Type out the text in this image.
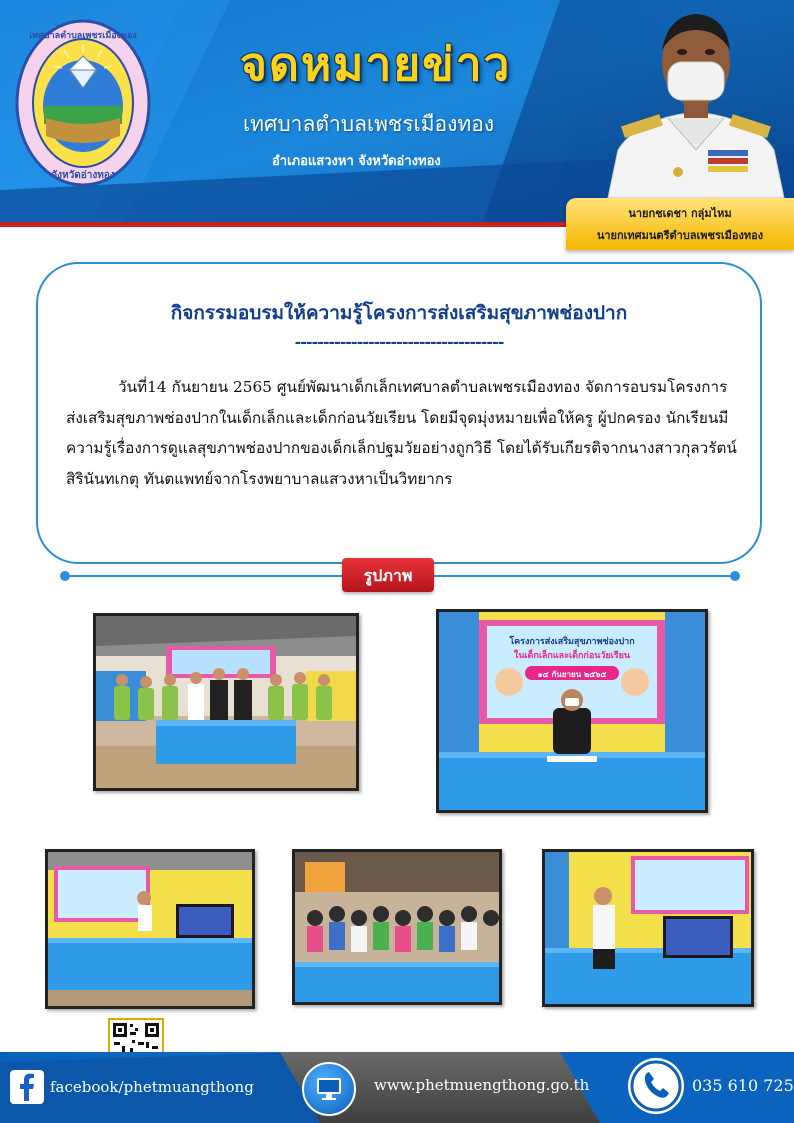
เทศบาลตำบลเพชรเมืองทอง
จังหวัดอ่างทอง
จดหมายข่าว
เทศบาลตำบลเพชรเมืองทอง
อำเภอแสวงหา จังหวัดอ่างทอง
นายกชเดชา กลุ่มไหม
นายกเทศมนตรีตำบลเพชรเมืองทอง
กิจกรรมอบรมให้ความรู้โครงการส่งเสริมสุขภาพช่องปาก
-------------------------------------

วันที่14 กันยายน 2565 ศูนย์พัฒนาเด็กเล็กเทศบาลตำบลเพชรเมืองทอง จัดการอบรมโครงการส่งเสริมสุขภาพช่องปากในเด็กเล็กและเด็กก่อนวัยเรียน โดยมีจุดมุ่งหมายเพื่อให้ครู ผู้ปกครอง นักเรียนมีความรู้เรื่องการดูแลสุขภาพช่องปากของเด็กเล็กปฐมวัยอย่างถูกวิธี โดยได้รับเกียรติจากนางสาวกุลวรัตน์ สิรินันทเกตุ ทันตแพทย์จากโรงพยาบาลแสวงหาเป็นวิทยากร

รูปภาพ
โครงการส่งเสริมสุขภาพช่องปาก
ในเด็กเล็กและเด็กก่อนวัยเรียน
๑๔ กันยายน ๒๕๖๕
facebook/phetmuangthong	www.phetmuengthong.go.th	035 610 725
